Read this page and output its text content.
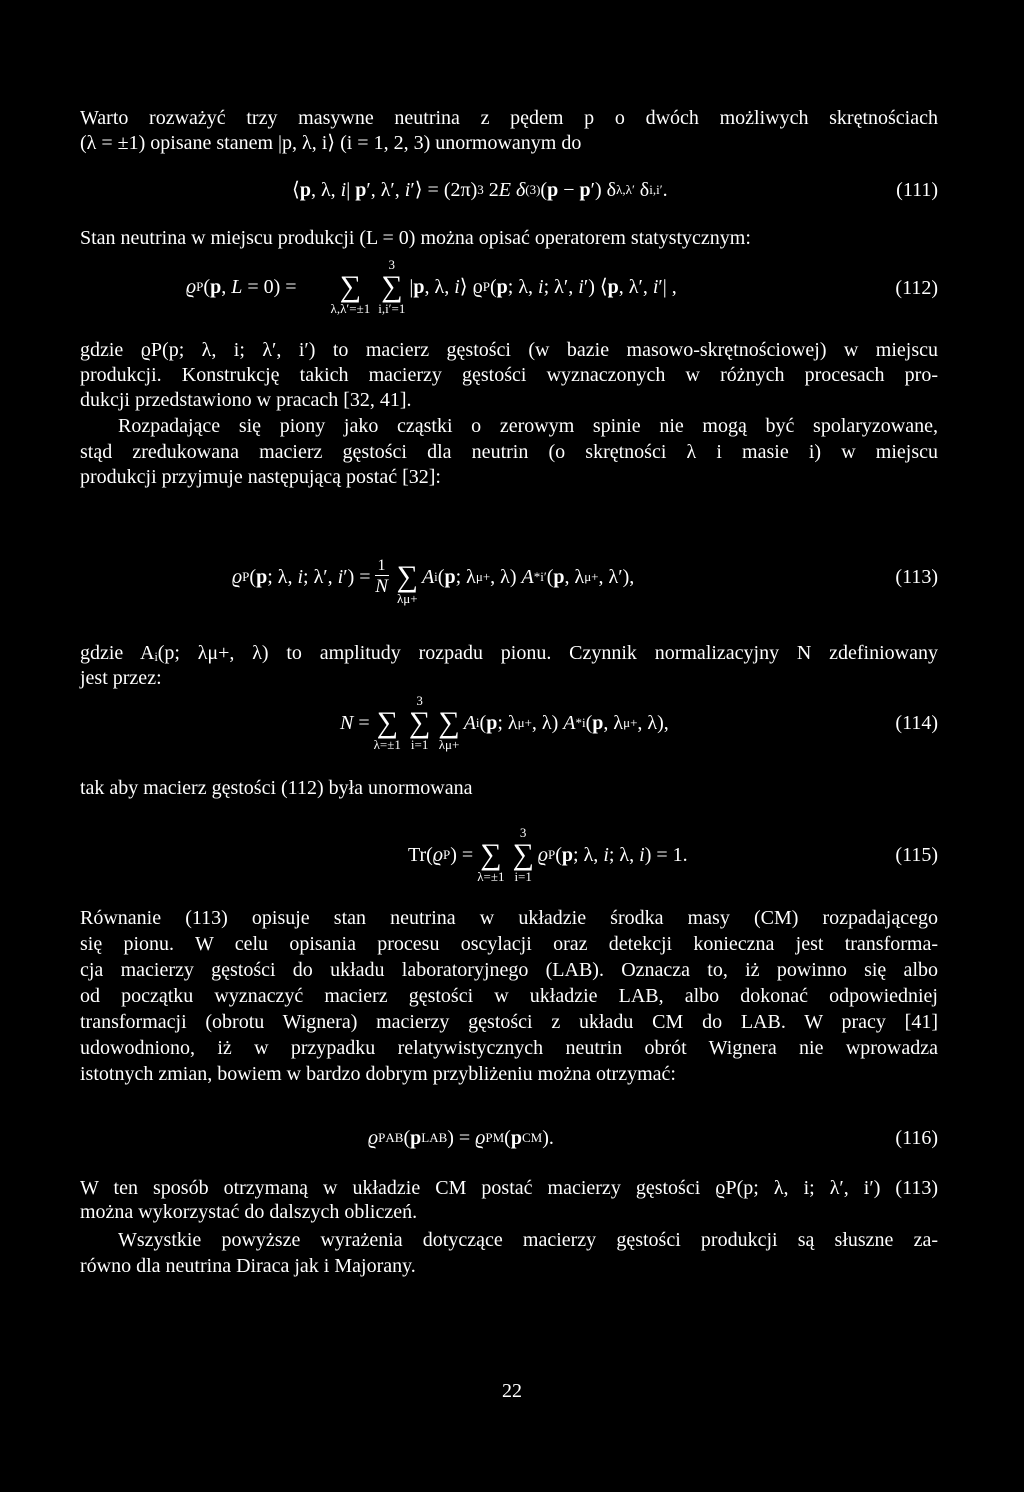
Warto rozważyć trzy masywne neutrina z pędem p o dwóch możliwych skrętnościach
(λ = ±1) opisane stanem |p, λ, i⟩ (i = 1, 2, 3) unormowanym do
Stan neutrina w miejscu produkcji (L = 0) można opisać operatorem statystycznym:
gdzie ϱP(p; λ, i; λ′, i′) to macierz gęstości (w bazie masowo-skrętnościowej) w miejscu
produkcji. Konstrukcję takich macierzy gęstości wyznaczonych w różnych procesach pro-
dukcji przedstawiono w pracach [32, 41].
Rozpadające się piony jako cząstki o zerowym spinie nie mogą być spolaryzowane,
stąd zredukowana macierz gęstości dla neutrin (o skrętności λ i masie i) w miejscu
produkcji przyjmuje następującą postać [32]:
gdzie Aᵢ(p; λμ+, λ) to amplitudy rozpadu pionu. Czynnik normalizacyjny N zdefiniowany
jest przez:
tak aby macierz gęstości (112) była unormowana
Równanie (113) opisuje stan neutrina w układzie środka masy (CM) rozpadającego
się pionu. W celu opisania procesu oscylacji oraz detekcji konieczna jest transforma-
cja macierzy gęstości do układu laboratoryjnego (LAB). Oznacza to, iż powinno się albo
od początku wyznaczyć macierz gęstości w układzie LAB, albo dokonać odpowiedniej
transformacji (obrotu Wignera) macierzy gęstości z układu CM do LAB. W pracy [41]
udowodniono, iż w przypadku relatywistycznych neutrin obrót Wignera nie wprowadza
istotnych zmian, bowiem w bardzo dobrym przybliżeniu można otrzymać:
W ten sposób otrzymaną w układzie CM postać macierzy gęstości ϱP(p; λ, i; λ′, i′) (113)
można wykorzystać do dalszych obliczeń.
Wszystkie powyższe wyrażenia dotyczące macierzy gęstości produkcji są słuszne za-
równo dla neutrina Diraca jak i Majorany.
⟨ p , λ, i | p ′, λ′, i ′⟩ = (2π) 3 2 E δ (3) ( p − p ′) δ λ,λ′ δ i,i′ .	(111)
ϱ P ( p , L = 0) =
∑
λ,λ′=±1
3
∑
i,i′=1
| p , λ, i ⟩ ϱ P ( p ; λ, i ; λ′, i ′) ⟨ p , λ′, i ′| ,	(112)
ϱ P ( p ; λ, i ; λ′, i ′) = $\frac{1}{N}$ ∑
λμ+
A i ( p ; λ μ+ , λ) A *i′ ( p , λ μ+ , λ′),	(113)
N = ∑
λ=±1
3
∑
i=1
∑
λμ+
A i ( p ; λ μ+ , λ) A *i ( p , λ μ+ , λ),	(114)
Tr( ϱ P ) = ∑
λ=±1
3
∑
i=1
ϱ P ( p ; λ, i ; λ, i ) = 1.	(115)
ϱ P AB ( p LAB ) = ϱ P M ( p CM ).	(116)
22
